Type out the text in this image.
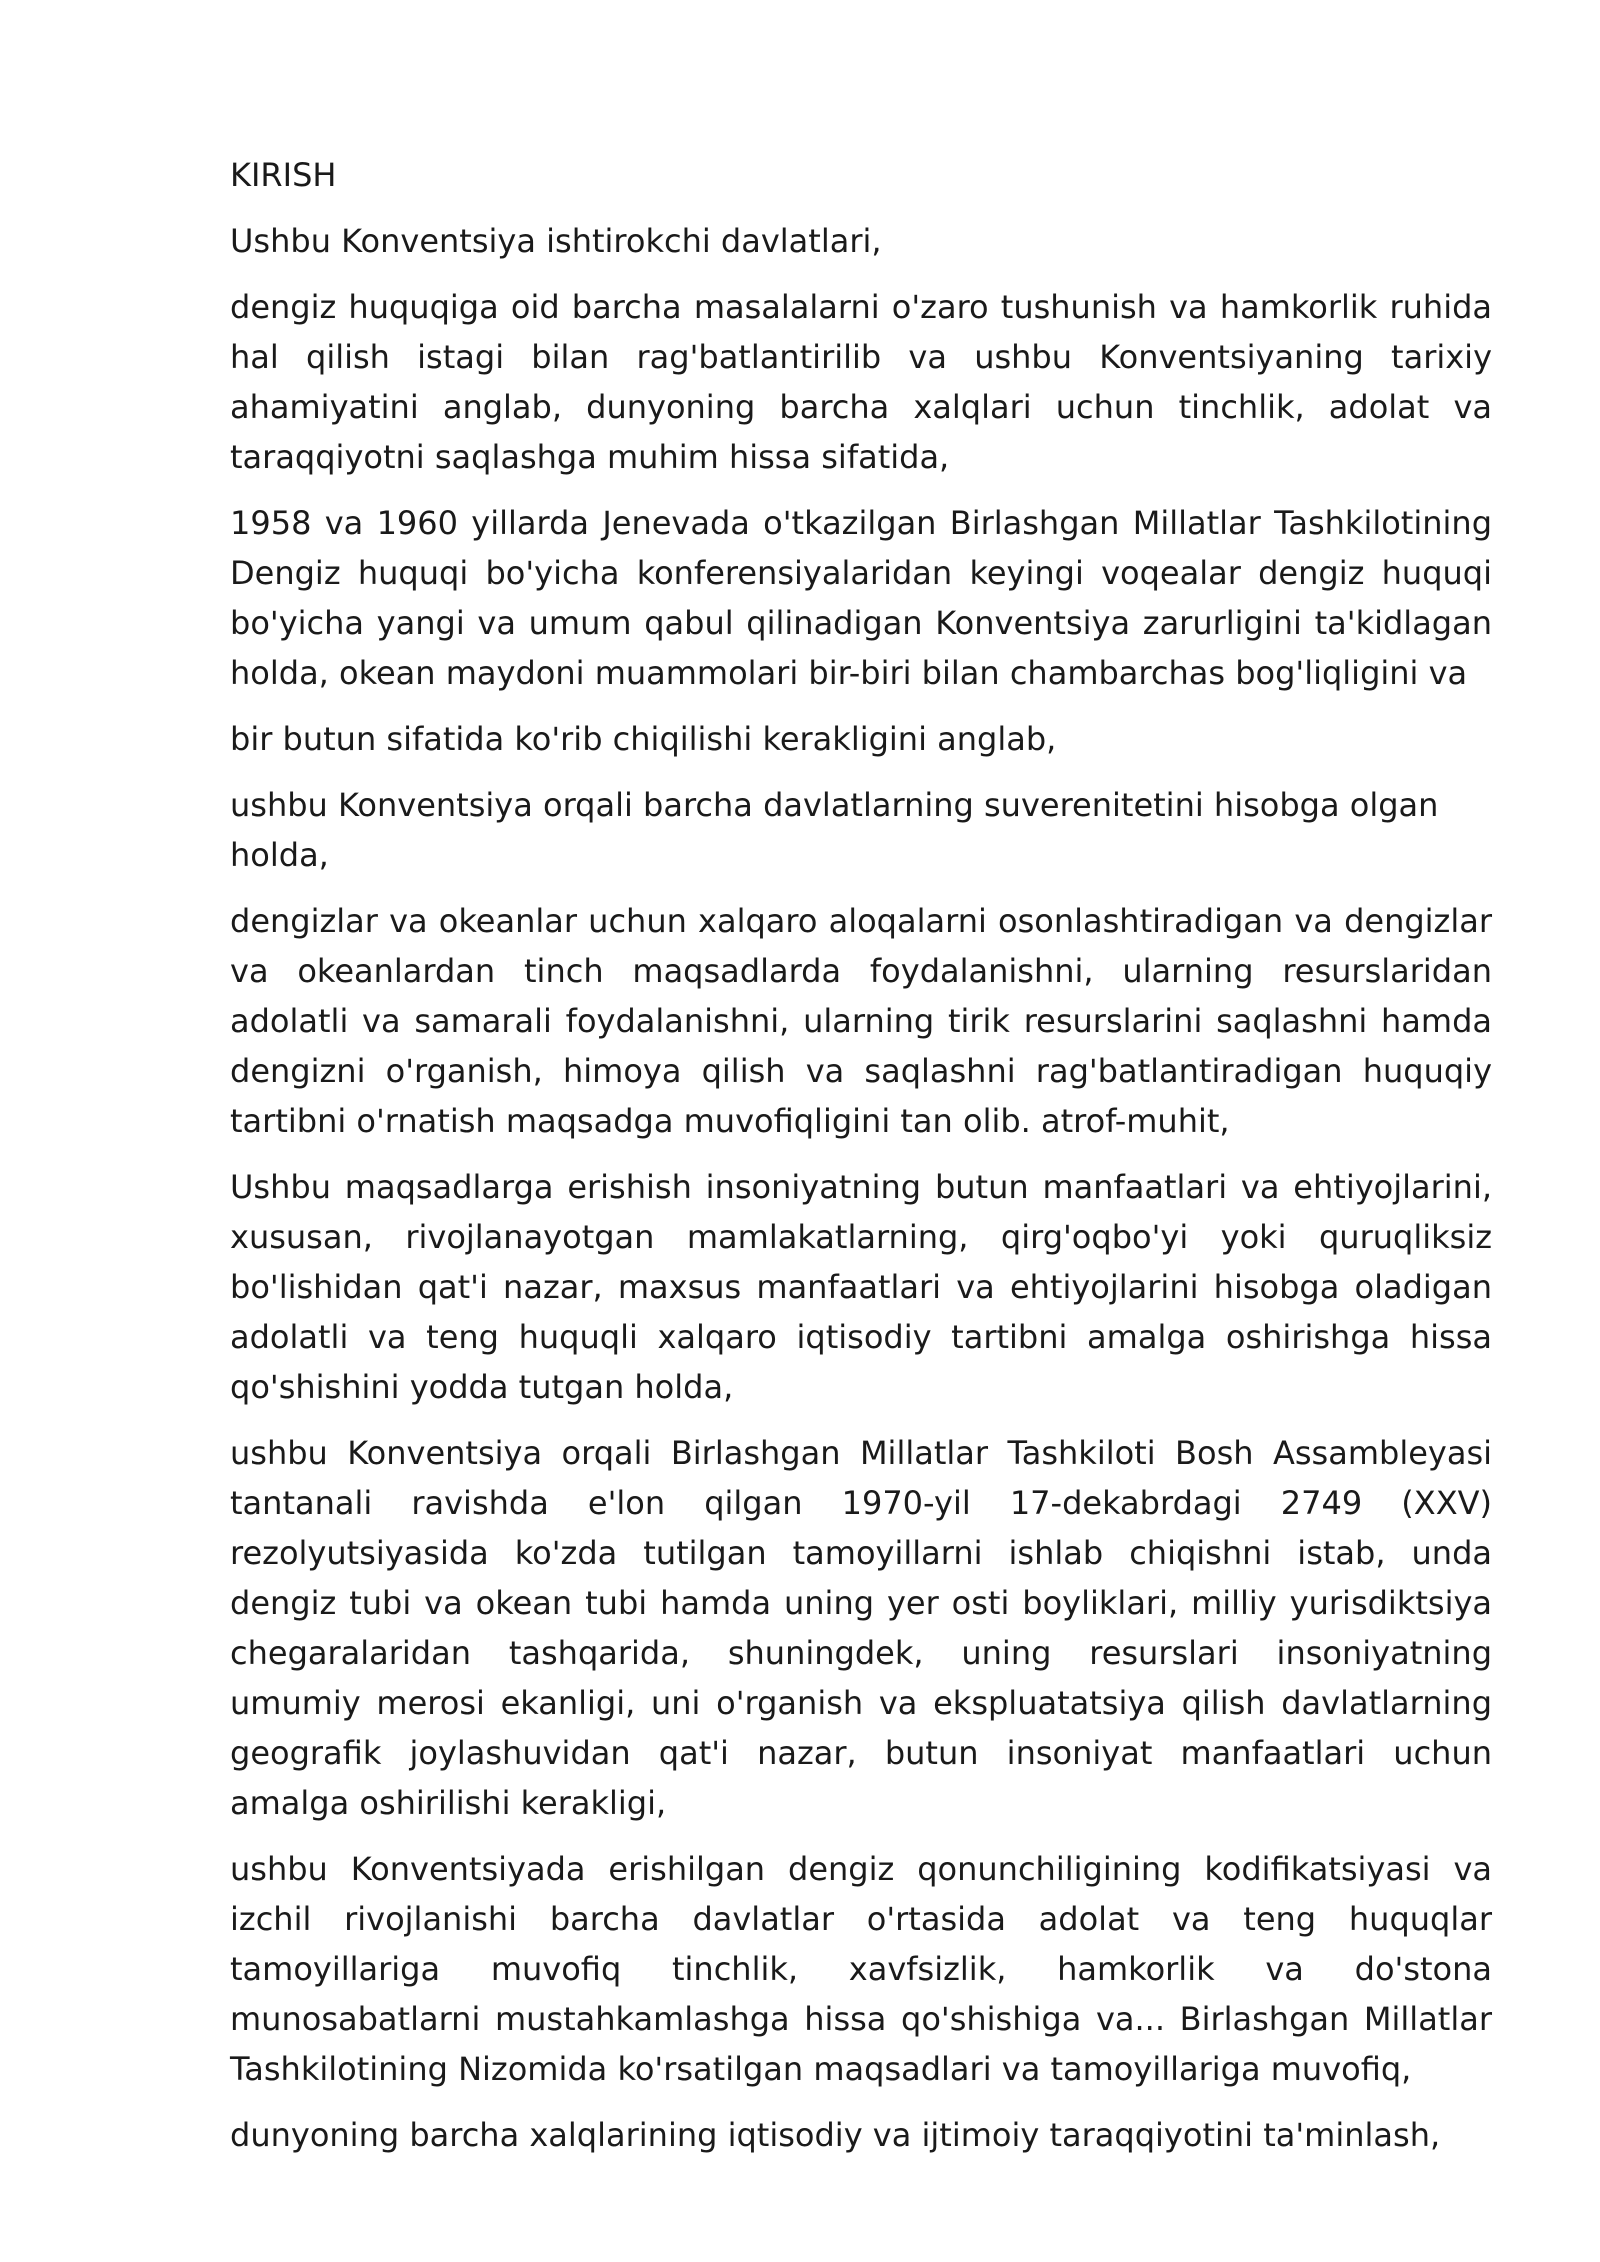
KIRISH

Ushbu Konventsiya ishtirokchi davlatlari,

dengiz huquqiga oid barcha masalalarni o'zaro tushunish va hamkorlik ruhida hal qilish istagi bilan rag'batlantirilib va ushbu Konventsiyaning tarixiy ahamiyatini anglab, dunyoning barcha xalqlari uchun tinchlik, adolat va taraqqiyotni saqlashga muhim hissa sifatida,

1958 va 1960 yillarda Jenevada o'tkazilgan Birlashgan Millatlar Tashkilotining Dengiz huquqi bo'yicha konferensiyalaridan keyingi voqealar dengiz huquqi bo'yicha yangi va umum qabul qilinadigan Konventsiya zarurligini ta'kidlagan holda, okean maydoni muammolari bir-biri bilan chambarchas bog'liqligini va

bir butun sifatida ko'rib chiqilishi kerakligini anglab,

ushbu Konventsiya orqali barcha davlatlarning suverenitetini hisobga olgan holda,

dengizlar va okeanlar uchun xalqaro aloqalarni osonlashtiradigan va dengizlar va okeanlardan tinch maqsadlarda foydalanishni, ularning resurslaridan adolatli va samarali foydalanishni, ularning tirik resurslarini saqlashni hamda dengizni o'rganish, himoya qilish va saqlashni rag'batlantiradigan huquqiy tartibni o'rnatish maqsadga muvofiqligini tan olib. atrof-muhit,

Ushbu maqsadlarga erishish insoniyatning butun manfaatlari va ehtiyojlarini, xususan, rivojlanayotgan mamlakatlarning, qirg'oqbo'yi yoki quruqliksiz bo'lishidan qat'i nazar, maxsus manfaatlari va ehtiyojlarini hisobga oladigan adolatli va teng huquqli xalqaro iqtisodiy tartibni amalga oshirishga hissa qo'shishini yodda tutgan holda,

ushbu Konventsiya orqali Birlashgan Millatlar Tashkiloti Bosh Assambleyasi tantanali ravishda e'lon qilgan 1970-yil 17-dekabrdagi 2749 (XXV) rezolyutsiyasida ko'zda tutilgan tamoyillarni ishlab chiqishni istab, unda dengiz tubi va okean tubi hamda uning yer osti boyliklari, milliy yurisdiktsiya chegaralaridan tashqarida, shuningdek, uning resurslari insoniyatning umumiy merosi ekanligi, uni o'rganish va ekspluatatsiya qilish davlatlarning geografik joylashuvidan qat'i nazar, butun insoniyat manfaatlari uchun amalga oshirilishi kerakligi,

ushbu Konventsiyada erishilgan dengiz qonunchiligining kodifikatsiyasi va izchil rivojlanishi barcha davlatlar o'rtasida adolat va teng huquqlar tamoyillariga muvofiq tinchlik, xavfsizlik, hamkorlik va do'stona munosabatlarni mustahkamlashga hissa qo'shishiga va... Birlashgan Millatlar Tashkilotining Nizomida ko'rsatilgan maqsadlari va tamoyillariga muvofiq,

dunyoning barcha xalqlarining iqtisodiy va ijtimoiy taraqqiyotini ta'minlash,
